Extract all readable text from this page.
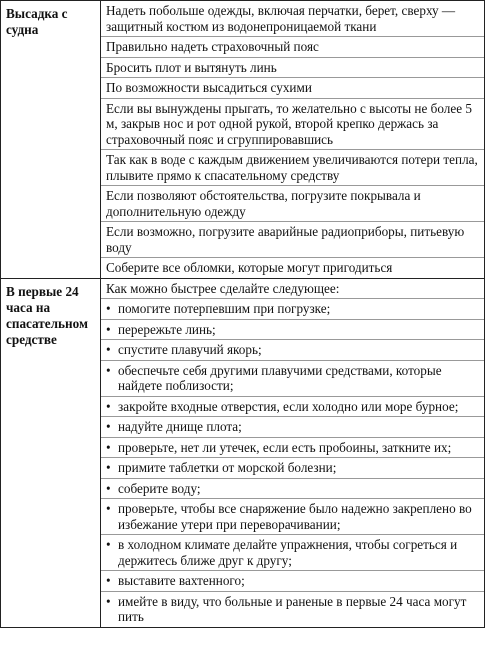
Высадка с судна
Надеть побольше одежды, включая перчатки, берет, сверху — защитный костюм из водонепроницаемой ткани
Правильно надеть страховочный пояс
Бросить плот и вытянуть линь
По возможности высадиться сухими
Если вы вынуждены прыгать, то желательно с высоты не более 5 м, закрыв нос и рот одной рукой, второй крепко держась за страховочный пояс и сгруппировавшись
Так как в воде с каждым движением увеличиваются потери тепла, плывите прямо к спасательному средству
Если позволяют обстоятельства, погрузите покрывала и дополнительную одежду
Если возможно, погрузите аварийные радиоприборы, питьевую воду
Соберите все обломки, которые могут пригодиться
В первые 24 часа на спасательном средстве
Как можно быстрее сделайте следующее:
• помогите потерпевшим при погрузке;
• перережьте линь;
• спустите плавучий якорь;
• обеспечьте себя другими плавучими средствами, которые найдете поблизости;
• закройте входные отверстия, если холодно или море бурное;
• надуйте днище плота;
• проверьте, нет ли утечек, если есть пробоины, заткните их;
• примите таблетки от морской болезни;
• соберите воду;
• проверьте, чтобы все снаряжение было надежно закреплено во избежание утери при переворачивании;
• в холодном климате делайте упражнения, чтобы согреться и держитесь ближе друг к другу;
• выставите вахтенного;
• имейте в виду, что больные и раненые в первые 24 часа могут пить
